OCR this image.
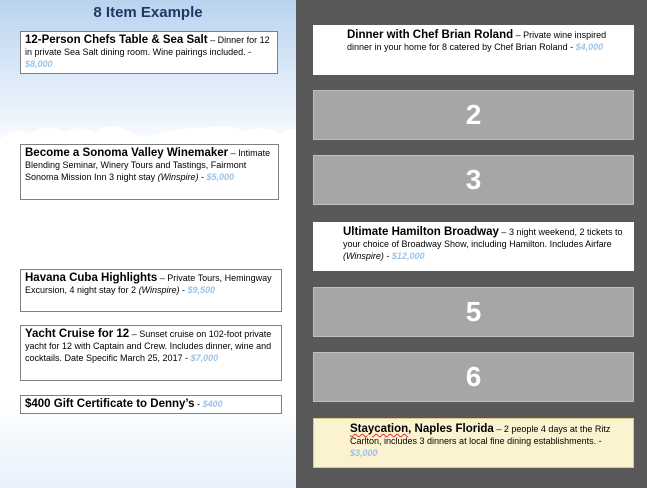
8 Item Example
12-Person Chefs Table & Sea Salt – Dinner for 12 in private Sea Salt dining room. Wine pairings included. - $8,000
Become a Sonoma Valley Winemaker – Intimate Blending Seminar, Winery Tours and Tastings, Fairmont Sonoma Mission Inn 3 night stay (Winspire) - $5,000
Havana Cuba Highlights – Private Tours, Hemingway Excursion, 4 night stay for 2 (Winspire) - $9,500
Yacht Cruise for 12 – Sunset cruise on 102-foot private yacht for 12 with Captain and Crew. Includes dinner, wine and cocktails. Date Specific March 25, 2017 - $7,000
$400 Gift Certificate to Denny’s - $400
Dinner with Chef Brian Roland – Private wine inspired dinner in your home for 8 catered by Chef Brian Roland - $4,000
2
3
Ultimate Hamilton Broadway – 3 night weekend, 2 tickets to your choice of Broadway Show, including Hamilton. Includes Airfare (Winspire) - $12,000
5
6
Staycation, Naples Florida – 2 people 4 days at the Ritz Carlton, includes 3 dinners at local fine dining establishments. - $3,000
